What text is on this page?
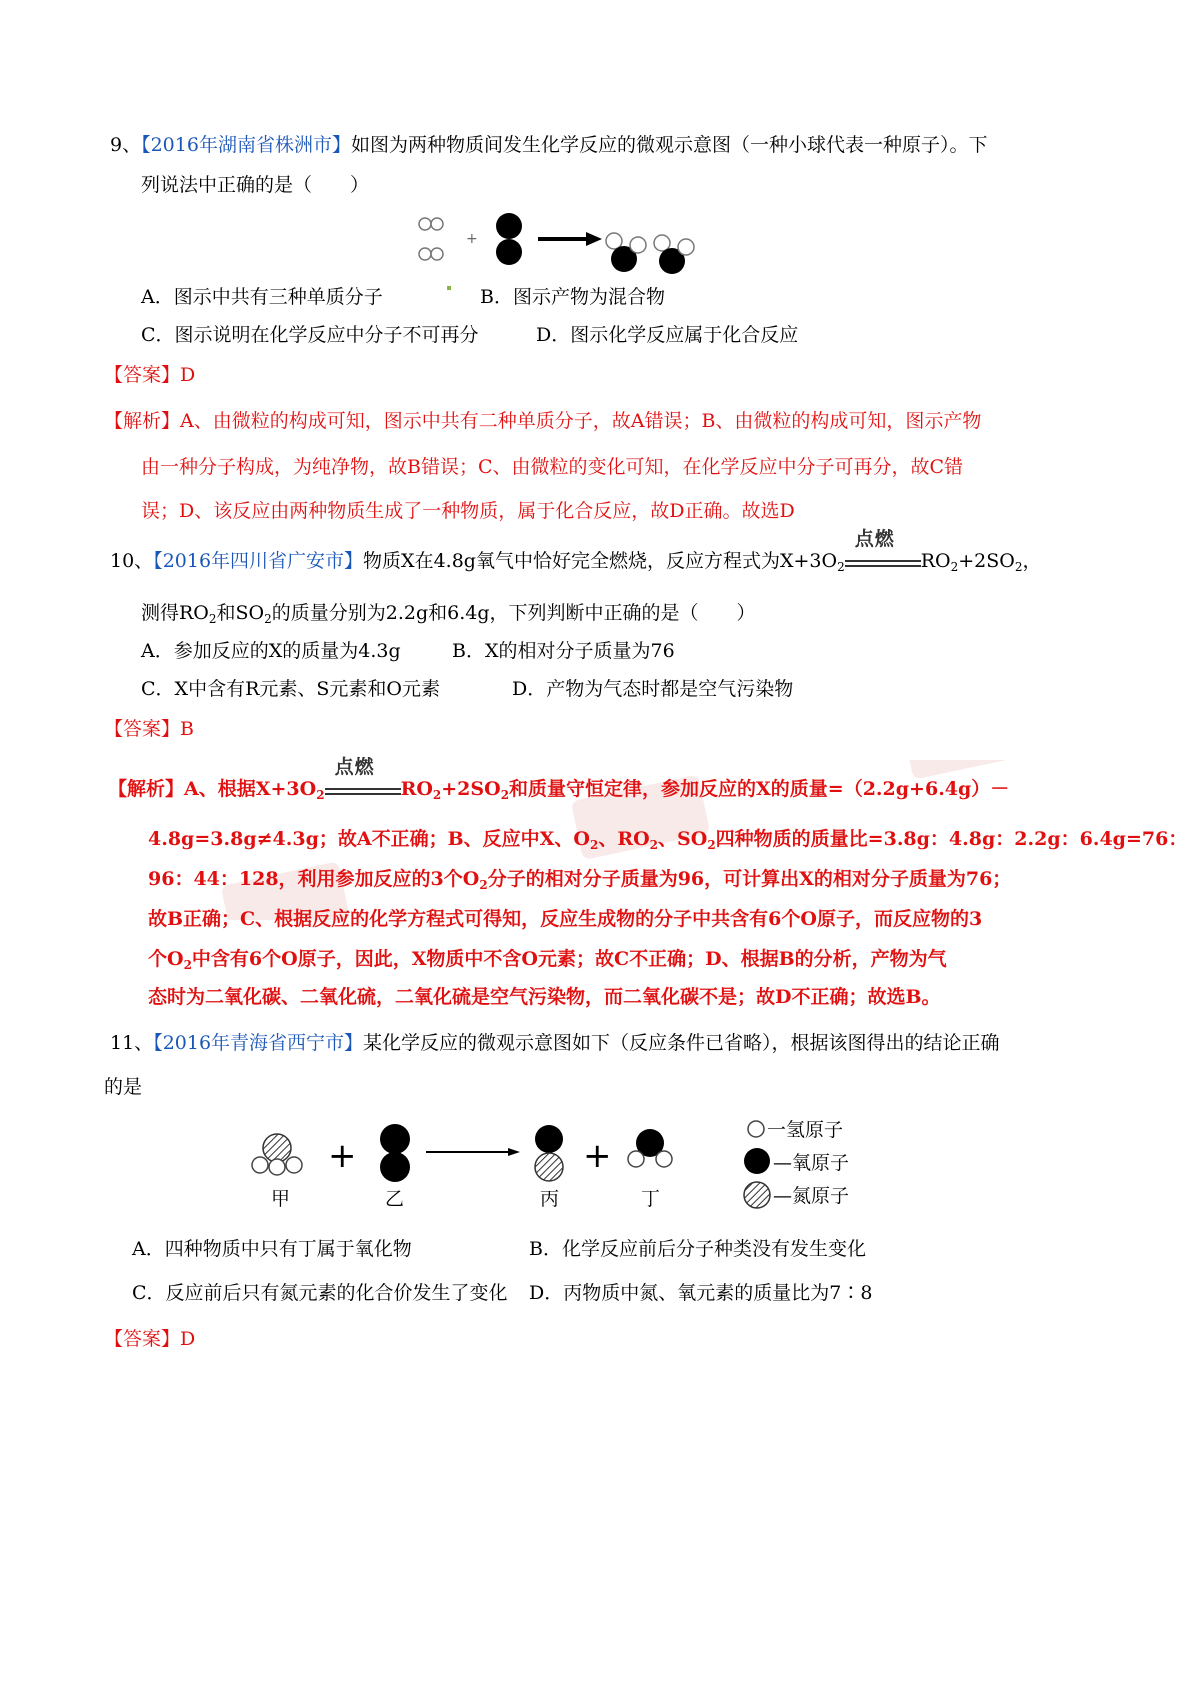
9、【2016年湖南省株洲市】如图为两种物质间发生化学反应的微观示意图（一种小球代表一种原子）。下
列说法中正确的是（　　）
+
A．图示中共有三种单质分子	B．图示产物为混合物
C．图示说明在化学反应中分子不可再分	D．图示化学反应属于化合反应
【答案】D
【解析】A、由微粒的构成可知，图示中共有二种单质分子，故A错误；B、由微粒的构成可知，图示产物
由一种分子构成，为纯净物，故B错误；C、由微粒的变化可知，在化学反应中分子可再分，故C错
误；D、该反应由两种物质生成了一种物质，属于化合反应，故D正确。故选D
10、【2016年四川省广安市】物质X在4.8g氧气中恰好完全燃烧，反应方程式为$X+3O_2$
点燃
$RO_2+2SO_2$，
测得$RO_2$和$SO_2$的质量分别为2.2g和6.4g，下列判断中正确的是（　　）
A．参加反应的X的质量为4.3g	B．X的相对分子质量为76
C．X中含有R元素、S元素和O元素	D．产物为气态时都是空气污染物
【答案】B
【解析】A、根据$X+3O_2$
点燃
$RO_2+2SO_2$和质量守恒定律，参加反应的X的质量=（2.2g+6.4g）－
4.8g=3.8g≠4.3g；故A不正确；B、反应中X、$O_2$、$RO_2$、$SO_2$四种物质的质量比=3.8g：4.8g：2.2g：6.4g=76：
96：44：128，利用参加反应的3个$O_2$分子的相对分子质量为96，可计算出X的相对分子质量为76；
故B正确；C、根据反应的化学方程式可得知，反应生成物的分子中共含有6个O原子，而反应物的3
个$O_2$中含有6个O原子，因此，X物质中不含O元素；故C不正确；D、根据B的分析，产物为气
态时为二氧化碳、二氧化硫，二氧化硫是空气污染物，而二氧化碳不是；故D不正确；故选B。
11、【2016年青海省西宁市】某化学反应的微观示意图如下（反应条件已省略），根据该图得出的结论正确
的是
+	+
甲	乙	丙	丁
一氢原子
—氧原子
—氮原子
A．四种物质中只有丁属于氧化物	B．化学反应前后分子种类没有发生变化
C．反应前后只有氮元素的化合价发生了变化 D．丙物质中氮、氧元素的质量比为7∶8
【答案】D
